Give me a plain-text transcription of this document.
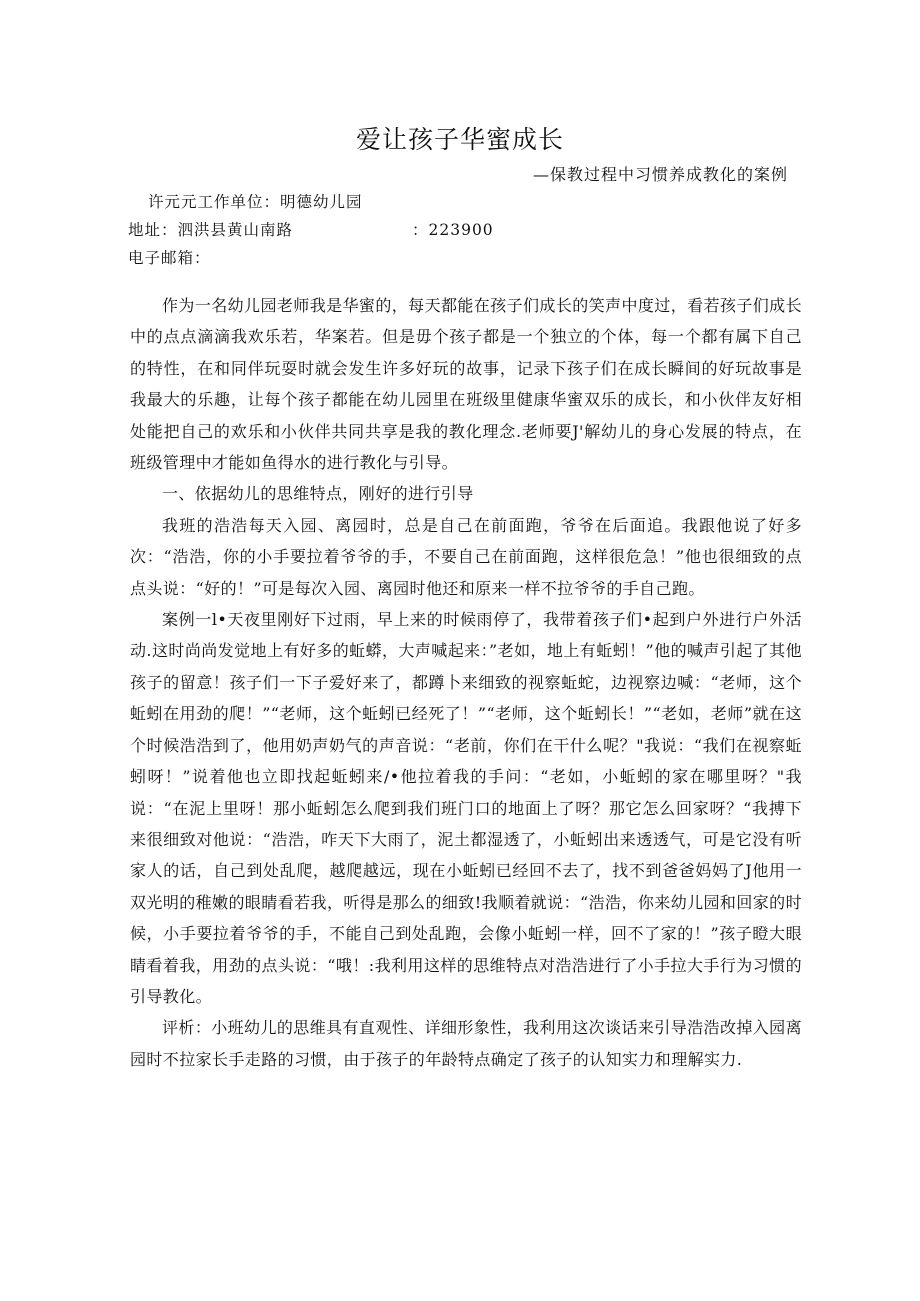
爱让孩子华蜜成长
—保教过程中习惯养成教化的案例
许元元工作单位：明德幼儿园
地址：泗洪县黄山南路	：223900
电子邮箱：

作为一名幼儿园老师我是华蜜的，每天都能在孩子们成长的笑声中度过，看若孩子们成长中的点点滴滴我欢乐若，华案若。但是毋个孩子都是一个独立的个体，每一个都有属下自己的特性，在和同伴玩耍时就会发生许多好玩的故事，记录下孩子们在成长瞬间的好玩故事是我最大的乐趣，让每个孩子都能在幼儿园里在班级里健康华蜜双乐的成长，和小伙伴友好相处能把自己的欢乐和小伙伴共同共享是我的教化理念.老师要J'解幼儿的身心发展的特点，在班级管理中才能如鱼得水的进行教化与引导。

一、依据幼儿的思维特点，刚好的进行引导

我班的浩浩每天入园、离园时，总是自己在前面跑，爷爷在后面追。我跟他说了好多次：“浩浩，你的小手要拉着爷爷的手，不要自己在前面跑，这样很危急！”他也很细致的点点头说：“好的！”可是每次入园、离园时他还和原来一样不拉爷爷的手自己跑。

案例一l•天夜里刚好下过雨，早上来的时候雨停了，我带着孩子们•起到户外进行户外活动.这时尚尚发觉地上有好多的蚯蟒，大声喊起来：”老如，地上有蚯蚓！”他的喊声引起了其他孩子的留意！孩子们一下子爱好来了，都蹲卜来细致的视察蚯蛇，边视察边喊：“老师，这个蚯蚓在用劲的爬！”“老师，这个蚯蚓已经死了！”“老师，这个蚯蚓长！”“老如，老师”就在这个时候浩浩到了，他用奶声奶气的声音说：“老前，你们在干什么呢？"我说：“我们在视察蚯蚓呀！”说着他也立即找起蚯蚓来/•他拉着我的手问：“老如，小蚯蚓的家在哪里呀？"我说：“在泥上里呀！那小蚯蚓怎么爬到我们班门口的地面上了呀？那它怎么回家呀？“我搏下来很细致对他说：“浩浩，咋天下大雨了，泥土都湿透了，小蚯蚓出来透透气，可是它没有听家人的话，自己到处乱爬，越爬越远，现在小蚯蚓已经回不去了，找不到爸爸妈妈了J他用一双光明的稚嫩的眼睛看若我，听得是那么的细致!我顺着就说：“浩浩，你来幼儿园和回家的时候，小手要拉着爷爷的手，不能自己到处乱跑，会像小蚯蚓一样，回不了家的！”孩子瞪大眼睛看着我，用劲的点头说：“哦！:我利用这样的思维特点对浩浩进行了小手拉大手行为习惯的引导教化。

评析：小班幼儿的思维具有直观性、详细形象性，我利用这次谈话来引导浩浩改掉入园离园时不拉家长手走路的习惯，由于孩子的年龄特点确定了孩子的认知实力和理解实力.
